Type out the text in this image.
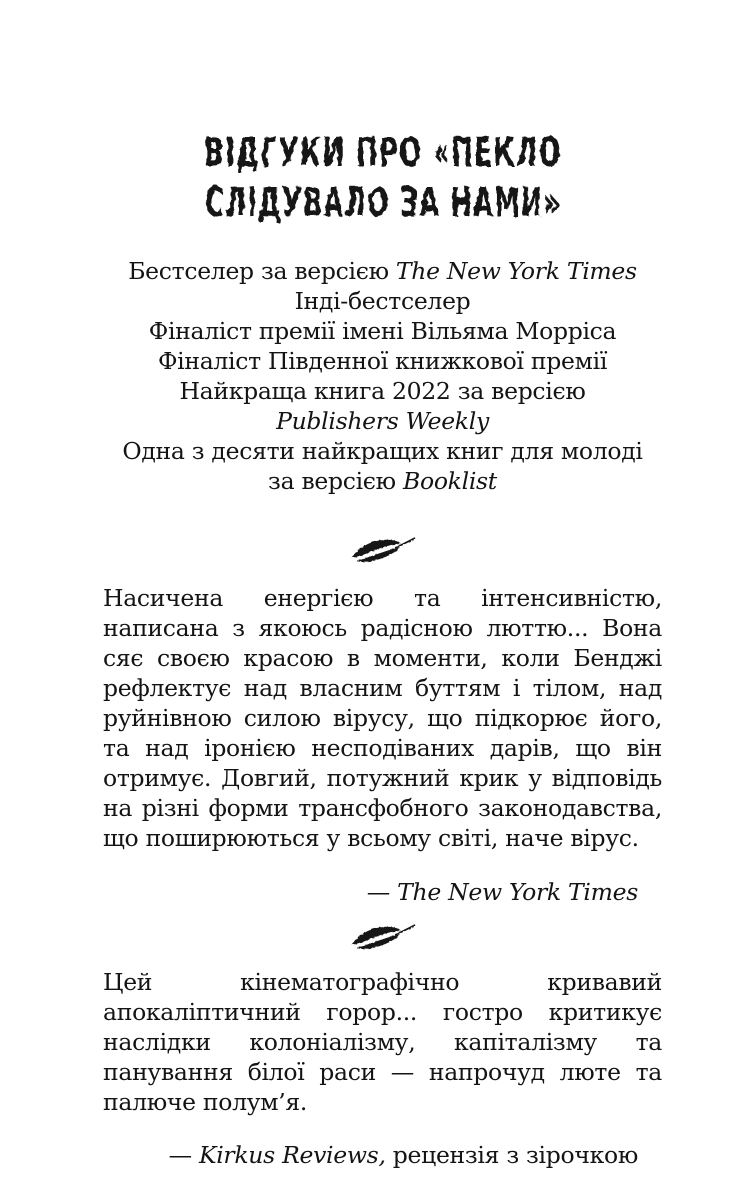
ВІДГУКИ ПРО «ПЕКЛО
СЛІДУВАЛО ЗА НАМИ»
Бестселер за версією The New York Times
Інді-бестселер
Фіналіст премії імені Вільяма Морріса
Фіналіст Південної книжкової премії
Найкраща книга 2022 за версією
Publishers Weekly
Одна з десяти найкращих книг для молоді
за версією Booklist

Насичена енергією та інтенсивністю, написана з якоюсь радісною люттю... Вона сяє своєю красою в моменти, коли Бенджі рефлектує над власним буттям і тілом, над руйнівною силою вірусу, що підкорює його, та над іронією несподіваних дарів, що він отримує. Довгий, потужний крик у відповідь на різні форми трансфобного законодавства, що поширюються у всьому світі, наче вірус.

— The New York Times

Цей кінематографічно кривавий апокаліптичний горор... гостро критикує наслідки колоніалізму, капіталізму та панування білої раси — напрочуд люте та палюче полум’я.

— Kirkus Reviews, рецензія з зірочкою
